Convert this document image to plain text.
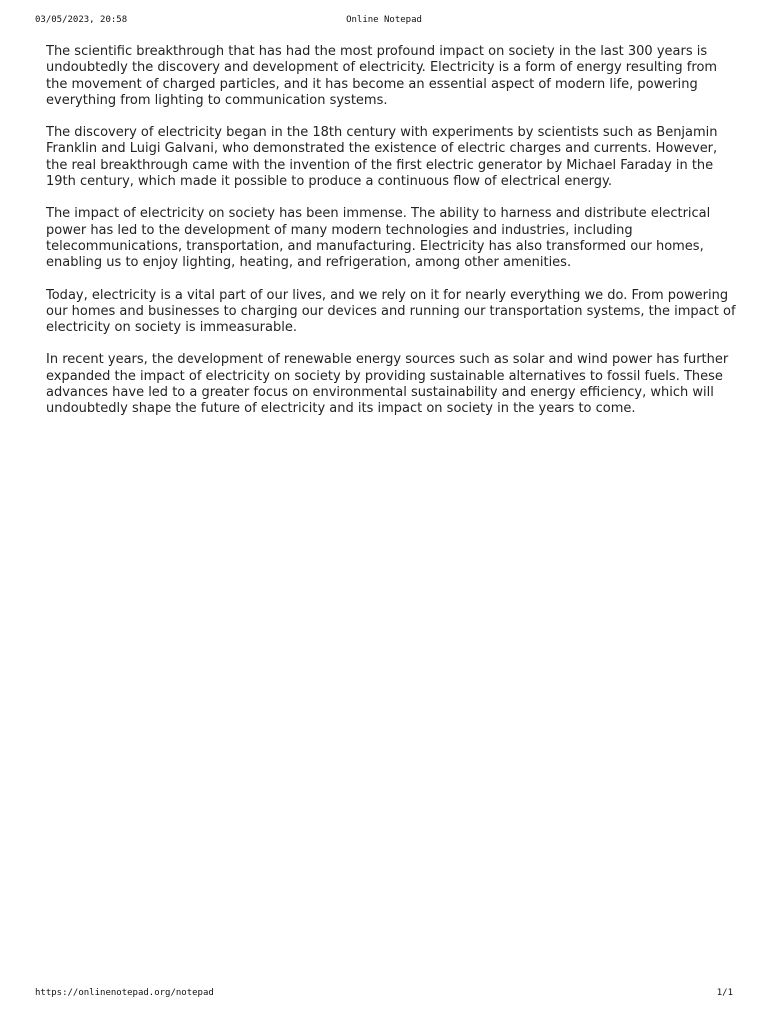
03/05/2023, 20:58	Online Notepad

The scientific breakthrough that has had the most profound impact on society in the last 300 years is undoubtedly the discovery and development of electricity. Electricity is a form of energy resulting from the movement of charged particles, and it has become an essential aspect of modern life, powering everything from lighting to communication systems.

The discovery of electricity began in the 18th century with experiments by scientists such as Benjamin Franklin and Luigi Galvani, who demonstrated the existence of electric charges and currents. However, the real breakthrough came with the invention of the first electric generator by Michael Faraday in the 19th century, which made it possible to produce a continuous flow of electrical energy.

The impact of electricity on society has been immense. The ability to harness and distribute electrical power has led to the development of many modern technologies and industries, including telecommunications, transportation, and manufacturing. Electricity has also transformed our homes, enabling us to enjoy lighting, heating, and refrigeration, among other amenities.

Today, electricity is a vital part of our lives, and we rely on it for nearly everything we do. From powering our homes and businesses to charging our devices and running our transportation systems, the impact of electricity on society is immeasurable.

In recent years, the development of renewable energy sources such as solar and wind power has further expanded the impact of electricity on society by providing sustainable alternatives to fossil fuels. These advances have led to a greater focus on environmental sustainability and energy efficiency, which will undoubtedly shape the future of electricity and its impact on society in the years to come.

https://onlinenotepad.org/notepad	1/1
